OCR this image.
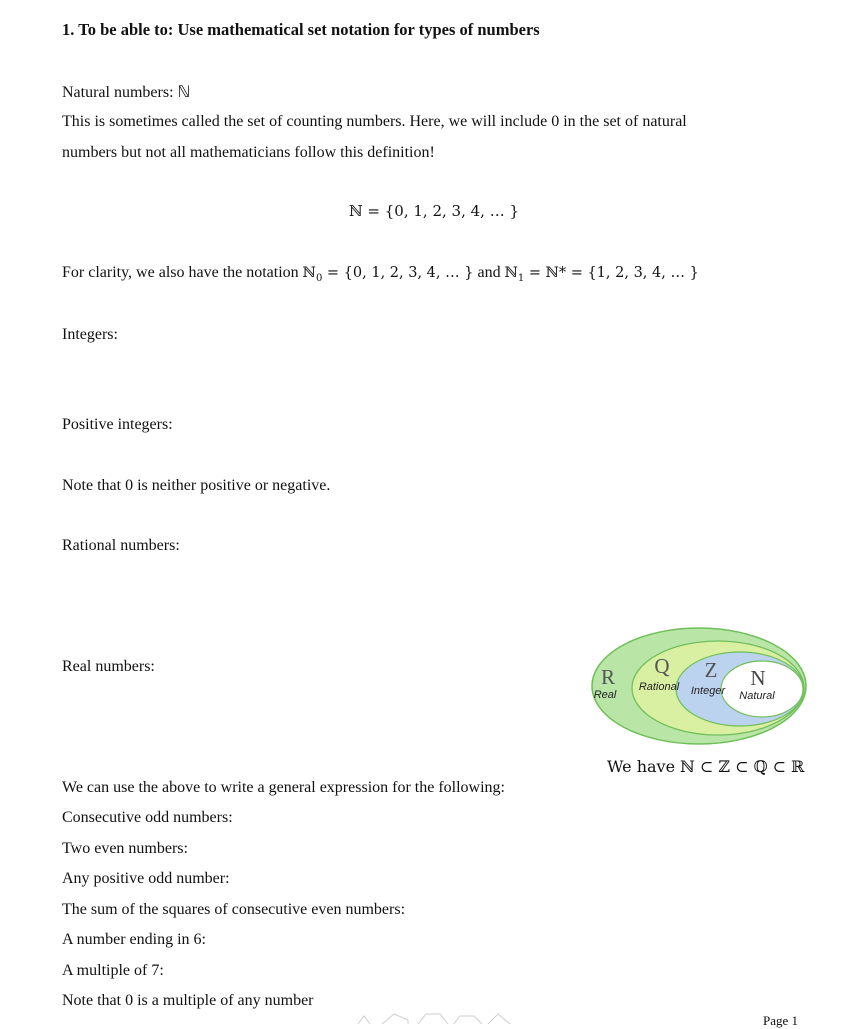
1. To be able to: Use mathematical set notation for types of numbers
Natural numbers: ℕ
This is sometimes called the set of counting numbers. Here, we will include 0 in the set of natural
numbers but not all mathematicians follow this definition!
ℕ = {0, 1, 2, 3, 4, … }
For clarity, we also have the notation ℕ$_0$ = {0, 1, 2, 3, 4, … } and ℕ$_1$ = ℕ* = {1, 2, 3, 4, … }
Integers:
Positive integers:
Note that 0 is neither positive or negative.
Rational numbers:
Real numbers:	R
Real
Q
Rational
Z
Integer
N
Natural
We have ℕ ⊂ ℤ ⊂ ℚ ⊂ ℝ
We can use the above to write a general expression for the following:
Consecutive odd numbers:
Two even numbers:
Any positive odd number:
The sum of the squares of consecutive even numbers:
A number ending in 6:
A multiple of 7:
Note that 0 is a multiple of any number
Page 1
